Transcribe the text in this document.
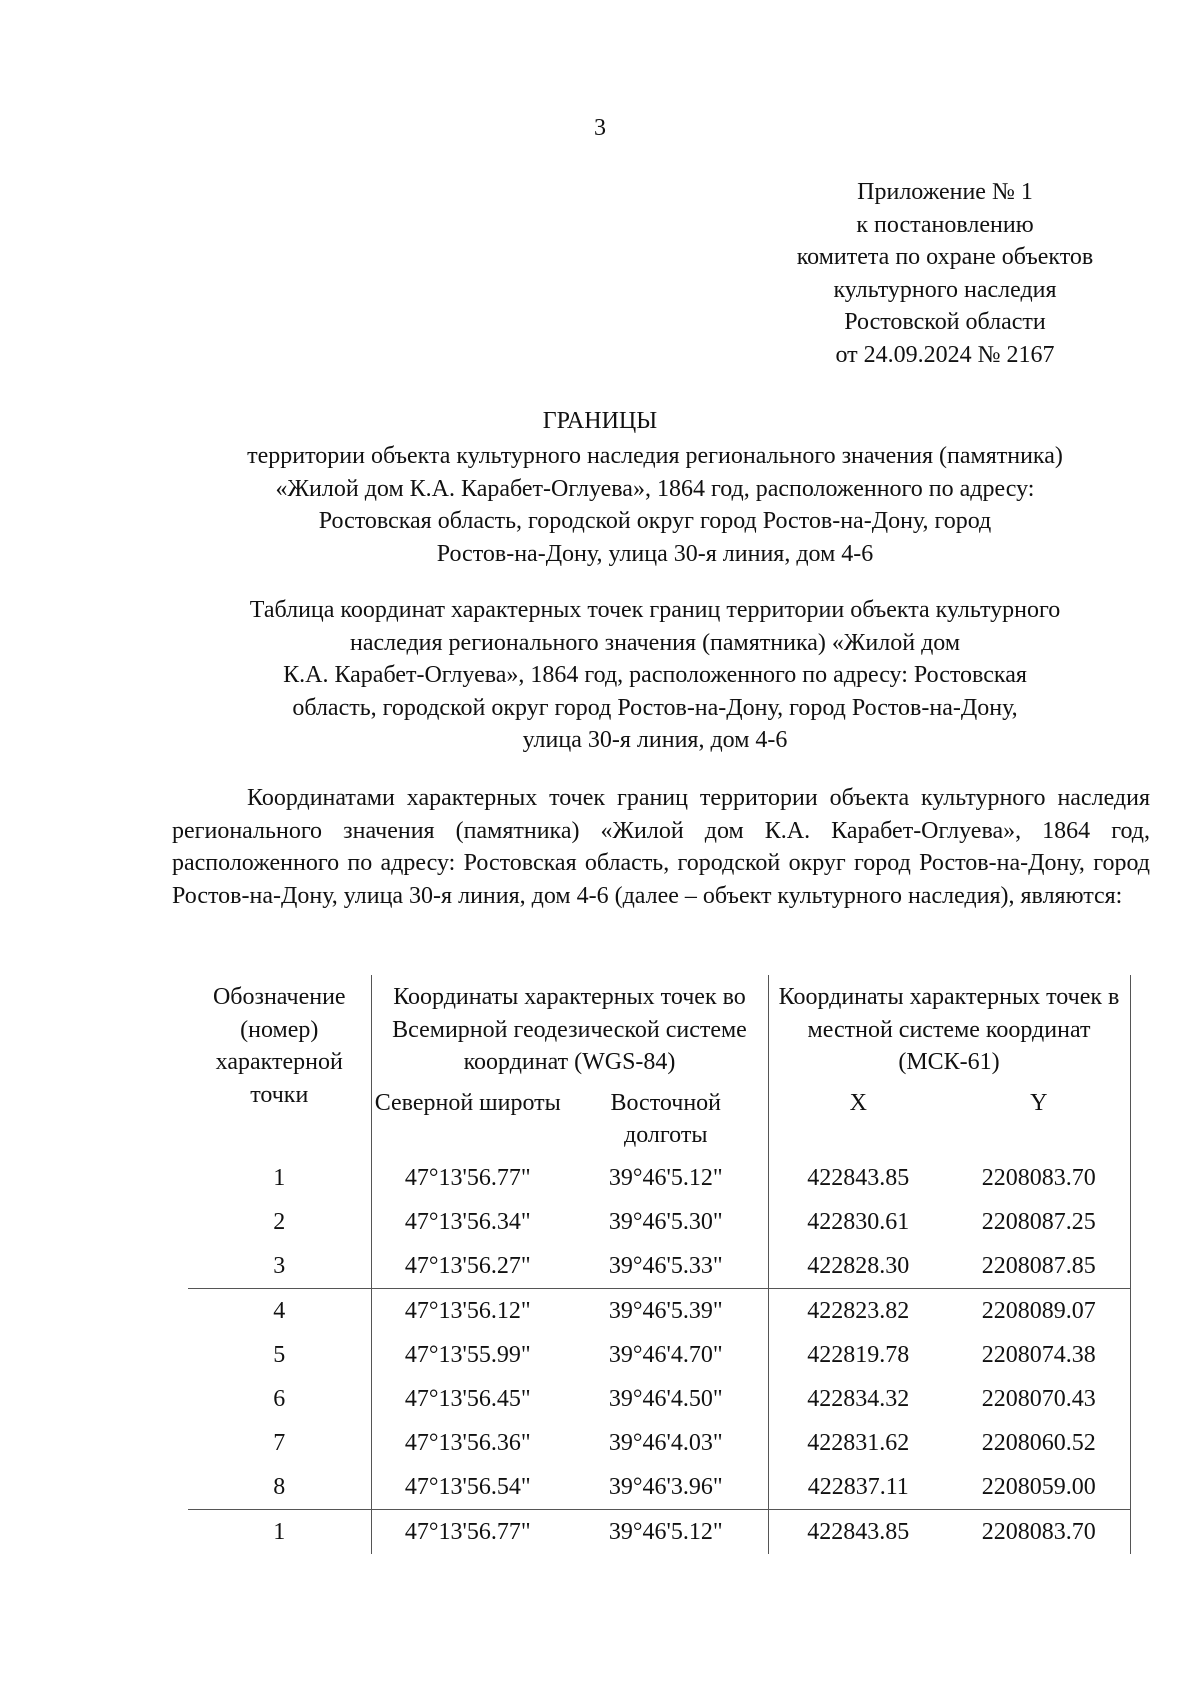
3
Приложение № 1
к постановлению
комитета по охране объектов
культурного наследия
Ростовской области
от 24.09.2024 № 2167
ГРАНИЦЫ
территории объекта культурного наследия регионального значения (памятника)
«Жилой дом К.А. Карабет-Оглуева», 1864 год, расположенного по адресу:
Ростовская область, городской округ город Ростов-на-Дону, город
Ростов-на-Дону, улица 30-я линия, дом 4-6
Таблица координат характерных точек границ территории объекта культурного
наследия регионального значения (памятника) «Жилой дом
К.А. Карабет-Оглуева», 1864 год, расположенного по адресу: Ростовская
область, городской округ город Ростов-на-Дону, город Ростов-на-Дону,
улица 30-я линия, дом 4-6
Координатами характерных точек границ территории объекта культурного наследия регионального значения (памятника) «Жилой дом К.А. Карабет-Оглуева», 1864 год, расположенного по адресу: Ростовская область, городской округ город Ростов-на-Дону, город Ростов-на-Дону, улица 30-я линия, дом 4-6 (далее – объект культурного наследия), являются:
Обозначение (номер) характерной точки	Координаты характерных точек во Всемирной геодезической системе координат (WGS-84)		Координаты характерных точек в местной системе координат (МСК-61)	
	Северной широты	Восточной долготы	X	Y
1	47°13'56.77"	39°46'5.12"	422843.85	2208083.70
2	47°13'56.34"	39°46'5.30"	422830.61	2208087.25
3	47°13'56.27"	39°46'5.33"	422828.30	2208087.85
4	47°13'56.12"	39°46'5.39"	422823.82	2208089.07
5	47°13'55.99"	39°46'4.70"	422819.78	2208074.38
6	47°13'56.45"	39°46'4.50"	422834.32	2208070.43
7	47°13'56.36"	39°46'4.03"	422831.62	2208060.52
8	47°13'56.54"	39°46'3.96"	422837.11	2208059.00
1	47°13'56.77"	39°46'5.12"	422843.85	2208083.70
